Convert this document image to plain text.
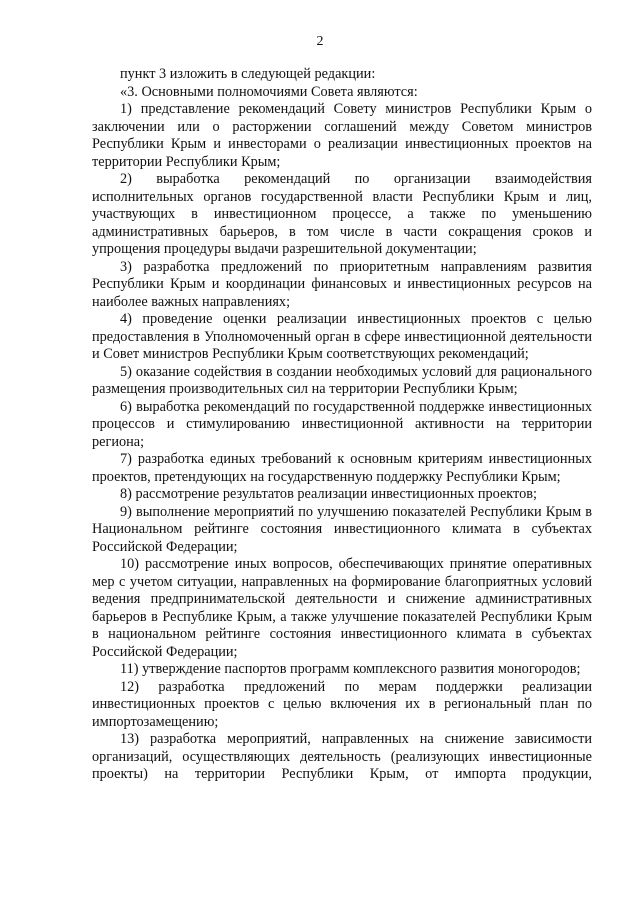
2

пункт 3 изложить в следующей редакции:

«3. Основными полномочиями Совета являются:

1) представление рекомендаций Совету министров Республики Крым о заключении или о расторжении соглашений между Советом министров Республики Крым и инвесторами о реализации инвестиционных проектов на территории Республики Крым;

2) выработка рекомендаций по организации взаимодействия исполнительных органов государственной власти Республики Крым и лиц, участвующих в инвестиционном процессе, а также по уменьшению административных барьеров, в том числе в части сокращения сроков и упрощения процедуры выдачи разрешительной документации;

3) разработка предложений по приоритетным направлениям развития Республики Крым и координации финансовых и инвестиционных ресурсов на наиболее важных направлениях;

4) проведение оценки реализации инвестиционных проектов с целью предоставления в Уполномоченный орган в сфере инвестиционной деятельности и Совет министров Республики Крым соответствующих рекомендаций;

5) оказание содействия в создании необходимых условий для рационального размещения производительных сил на территории Республики Крым;

6) выработка рекомендаций по государственной поддержке инвестиционных процессов и стимулированию инвестиционной активности на территории региона;

7) разработка единых требований к основным критериям инвестиционных проектов, претендующих на государственную поддержку Республики Крым;

8) рассмотрение результатов реализации инвестиционных проектов;

9) выполнение мероприятий по улучшению показателей Республики Крым в Национальном рейтинге состояния инвестиционного климата в субъектах Российской Федерации;

10) рассмотрение иных вопросов, обеспечивающих принятие оперативных мер с учетом ситуации, направленных на формирование благоприятных условий ведения предпринимательской деятельности и снижение административных барьеров в Республике Крым, а также улучшение показателей Республики Крым в национальном рейтинге состояния инвестиционного климата в субъектах Российской Федерации;

11) утверждение паспортов программ комплексного развития моногородов;

12) разработка предложений по мерам поддержки реализации инвестиционных проектов с целью включения их в региональный план по импортозамещению;

13) разработка мероприятий, направленных на снижение зависимости организаций, осуществляющих деятельность (реализующих инвестиционные проекты) на территории Республики Крым, от импорта продукции,
